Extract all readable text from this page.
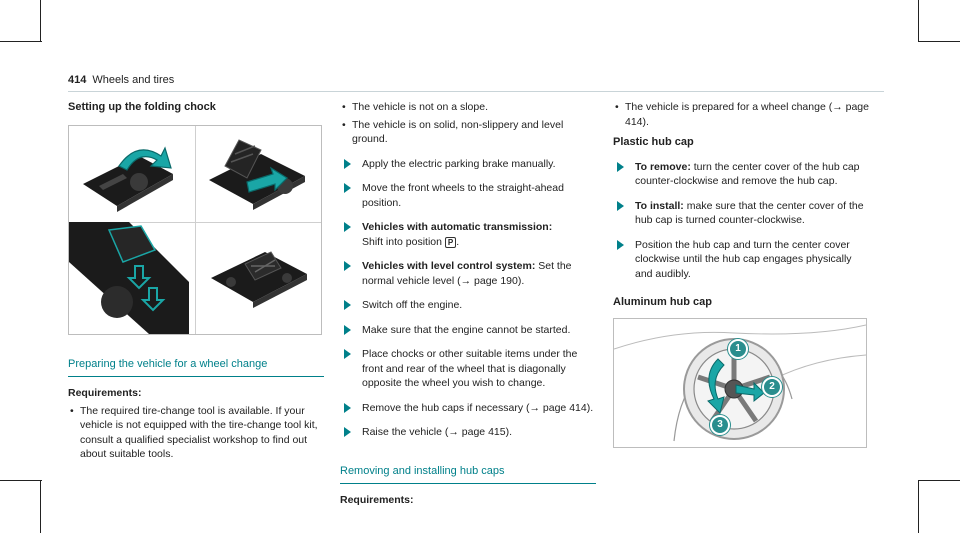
414 Wheels and tires
Setting up the folding chock
Preparing the vehicle for a wheel change
Requirements:
• The required tire-change tool is available. If your vehicle is not equipped with the tire-change tool kit, consult a qualified specialist workshop to find out about suitable tools.
• The vehicle is not on a slope.
• The vehicle is on solid, non-slippery and level ground.
Apply the electric parking brake manually.
Move the front wheels to the straight-ahead position.
Vehicles with automatic transmission:
Shift into position P .
Vehicles with level control system: Set the normal vehicle level (→ page 190).
Switch off the engine.
Make sure that the engine cannot be started.
Place chocks or other suitable items under the front and rear of the wheel that is diagonally opposite the wheel you wish to change.
Remove the hub caps if necessary (→ page 414).
Raise the vehicle (→ page 415).
Removing and installing hub caps
Requirements:
• The vehicle is prepared for a wheel change (→ page 414).
Plastic hub cap
To remove: turn the center cover of the hub cap counter-clockwise and remove the hub cap.
To install: make sure that the center cover of the hub cap is turned counter-clockwise.
Position the hub cap and turn the center cover clockwise until the hub cap engages physically and audibly.
Aluminum hub cap
1
2
3
